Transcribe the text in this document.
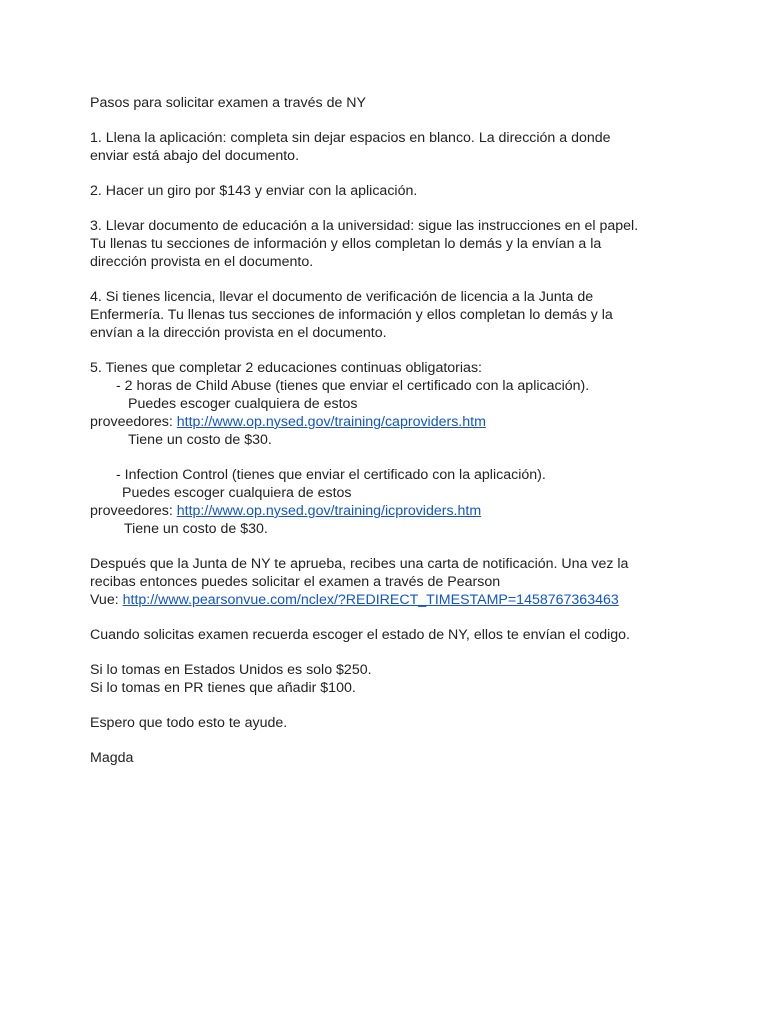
Pasos para solicitar examen a través de NY

1. Llena la aplicación: completa sin dejar espacios en blanco. La dirección a donde
enviar está abajo del documento.

2. Hacer un giro por $143 y enviar con la aplicación.

3. Llevar documento de educación a la universidad: sigue las instrucciones en el papel.
Tu llenas tu secciones de información y ellos completan lo demás y la envían a la
dirección provista en el documento.

4. Si tienes licencia, llevar el documento de verificación de licencia a la Junta de
Enfermería. Tu llenas tus secciones de información y ellos completan lo demás y la
envían a la dirección provista en el documento.

5. Tienes que completar 2 educaciones continuas obligatorias:
- 2 horas de Child Abuse (tienes que enviar el certificado con la aplicación).
Puedes escoger cualquiera de estos
proveedores: http://www.op.nysed.gov/training/caproviders.htm
Tiene un costo de $30.

- Infection Control (tienes que enviar el certificado con la aplicación).
Puedes escoger cualquiera de estos
proveedores: http://www.op.nysed.gov/training/icproviders.htm
Tiene un costo de $30.

Después que la Junta de NY te aprueba, recibes una carta de notificación. Una vez la
recibas entonces puedes solicitar el examen a través de Pearson
Vue: http://www.pearsonvue.com/nclex/?REDIRECT_TIMESTAMP=1458767363463

Cuando solicitas examen recuerda escoger el estado de NY, ellos te envían el codigo.

Si lo tomas en Estados Unidos es solo $250.
Si lo tomas en PR tienes que añadir $100.

Espero que todo esto te ayude.

Magda
